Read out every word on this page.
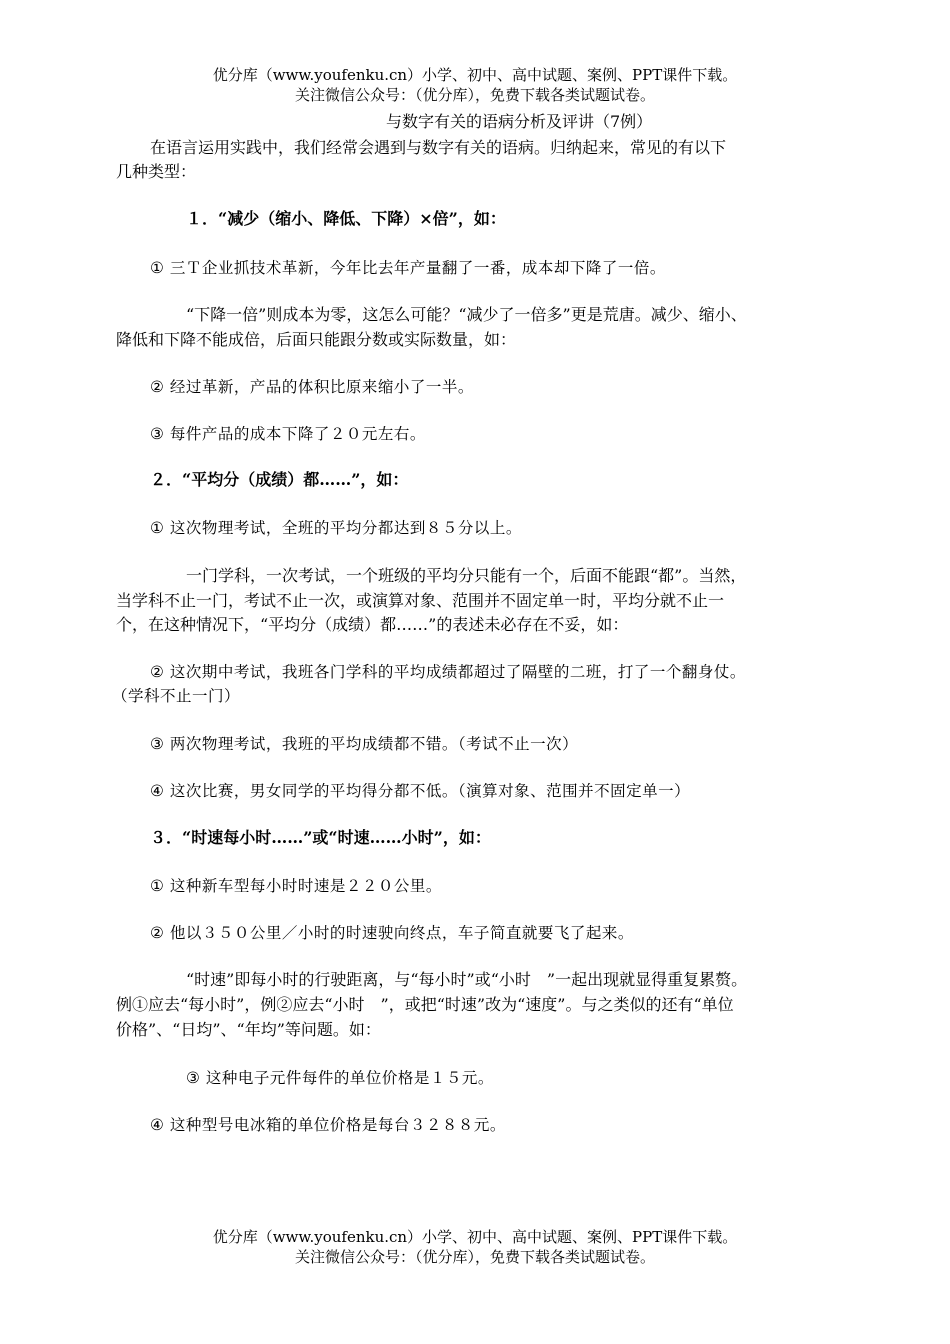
优分库（www.youfenku.cn）小学、初中、高中试题、案例、PPT课件下载。
关注微信公众号：（优分库），免费下载各类试题试卷。
与数字有关的语病分析及评讲（7例）
在语言运用实践中，我们经常会遇到与数字有关的语病。归纳起来，常见的有以下
几种类型：
１．“减少（缩小、降低、下降）×倍”，如：
① 三Ｔ企业抓技术革新，今年比去年产量翻了一番，成本却下降了一倍。
“下降一倍”则成本为零，这怎么可能？“减少了一倍多”更是荒唐。减少、缩小、
降低和下降不能成倍，后面只能跟分数或实际数量，如：
② 经过革新，产品的体积比原来缩小了一半。
③ 每件产品的成本下降了２０元左右。
２．“平均分（成绩）都……”，如：
① 这次物理考试，全班的平均分都达到８５分以上。
一门学科，一次考试，一个班级的平均分只能有一个，后面不能跟“都”。当然，
当学科不止一门，考试不止一次，或演算对象、范围并不固定单一时，平均分就不止一
个，在这种情况下，“平均分（成绩）都……”的表述未必存在不妥，如：
② 这次期中考试，我班各门学科的平均成绩都超过了隔壁的二班，打了一个翻身仗。
（学科不止一门）
③ 两次物理考试，我班的平均成绩都不错。（考试不止一次）
④ 这次比赛，男女同学的平均得分都不低。（演算对象、范围并不固定单一）
３．“时速每小时……”或“时速……小时”，如：
① 这种新车型每小时时速是２２０公里。
② 他以３５０公里／小时的时速驶向终点，车子简直就要飞了起来。
“时速”即每小时的行驶距离，与“每小时”或“小时　”一起出现就显得重复累赘。
例①应去“每小时”，例②应去“小时　”，或把“时速”改为“速度”。与之类似的还有“单位
价格”、“日均”、“年均”等问题。如：
③ 这种电子元件每件的单位价格是１５元。
④ 这种型号电冰箱的单位价格是每台３２８８元。
优分库（www.youfenku.cn）小学、初中、高中试题、案例、PPT课件下载。
关注微信公众号：（优分库），免费下载各类试题试卷。
